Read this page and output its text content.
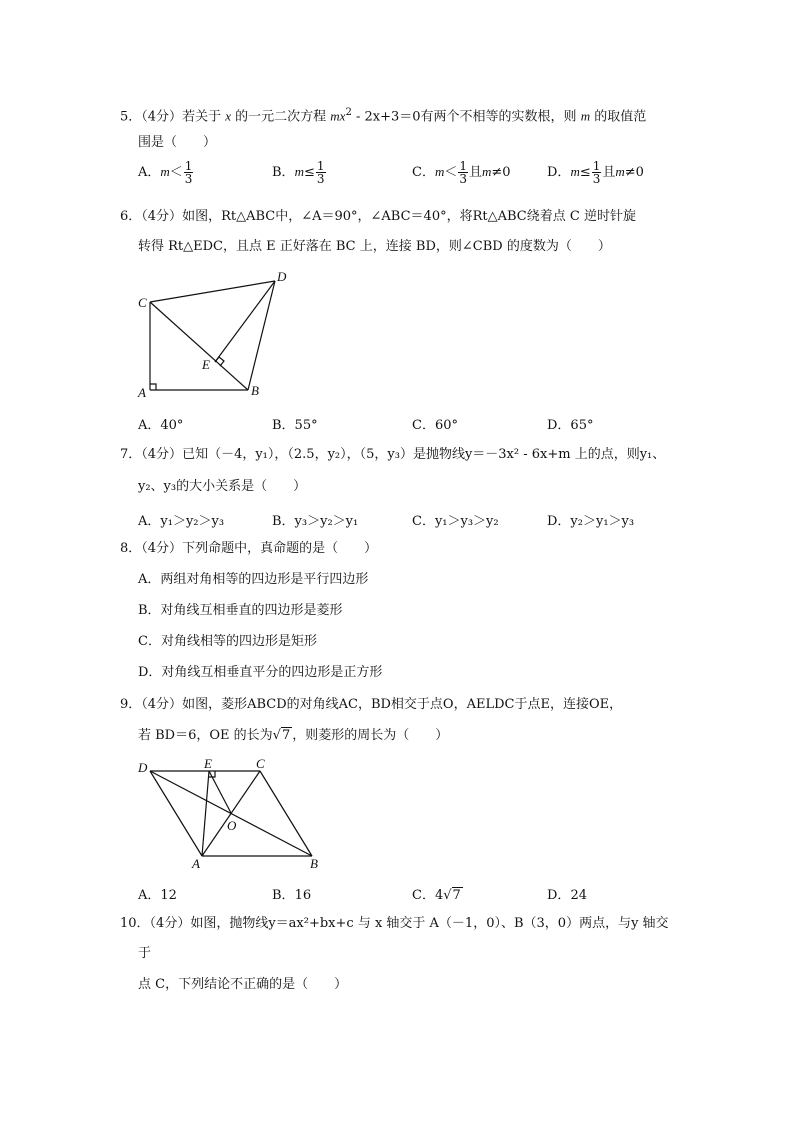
5．（4分）若关于 x 的一元二次方程 $mx^2 - 2x+3=0$有两个不相等的实数根，则 m 的取值范
围是（　　）
A．$m< \frac{1}{3}$	B．$m\le \frac{1}{3}$	C．$m< \frac{1}{3}$ 且m≠0	D．$m\le \frac{1}{3}$ 且m≠0
6．（4分）如图，Rt△ABC中，∠A＝90°，∠ABC＝40°，将Rt△ABC绕着点 C 逆时针旋
转得 Rt△EDC，且点 E 正好落在 BC 上，连接 BD，则∠CBD 的度数为（　　）
C
D
E
A	B
A．40°	B．55°	C．60°	D．65°
7．（4分）已知（－4，y₁），（2.5，y₂），（5，y₃）是抛物线y＝－3x² - 6x+m 上的点，则y₁、
y₂、y₃的大小关系是（　　）
A．y₁＞y₂＞y₃	B．y₃＞y₂＞y₁	C．y₁＞y₃＞y₂	D．y₂＞y₁＞y₃
8．（4分）下列命题中，真命题的是（　　）
A．两组对角相等的四边形是平行四边形
B．对角线互相垂直的四边形是菱形
C．对角线相等的四边形是矩形
D．对角线互相垂直平分的四边形是正方形
9．（4分）如图，菱形ABCD的对角线AC，BD相交于点O，AELDC于点E，连接OE，
若 BD＝6，OE 的长为√7 ，则菱形的周长为（　　）
D	E	C
O
A	B
A．12	B．16	C．4√7	D．24
10．（4分）如图，抛物线y＝ax²+bx+c 与 x 轴交于 A（－1，0）、B（3，0）两点，与y 轴交
于
点 C，下列结论不正确的是（　　）
